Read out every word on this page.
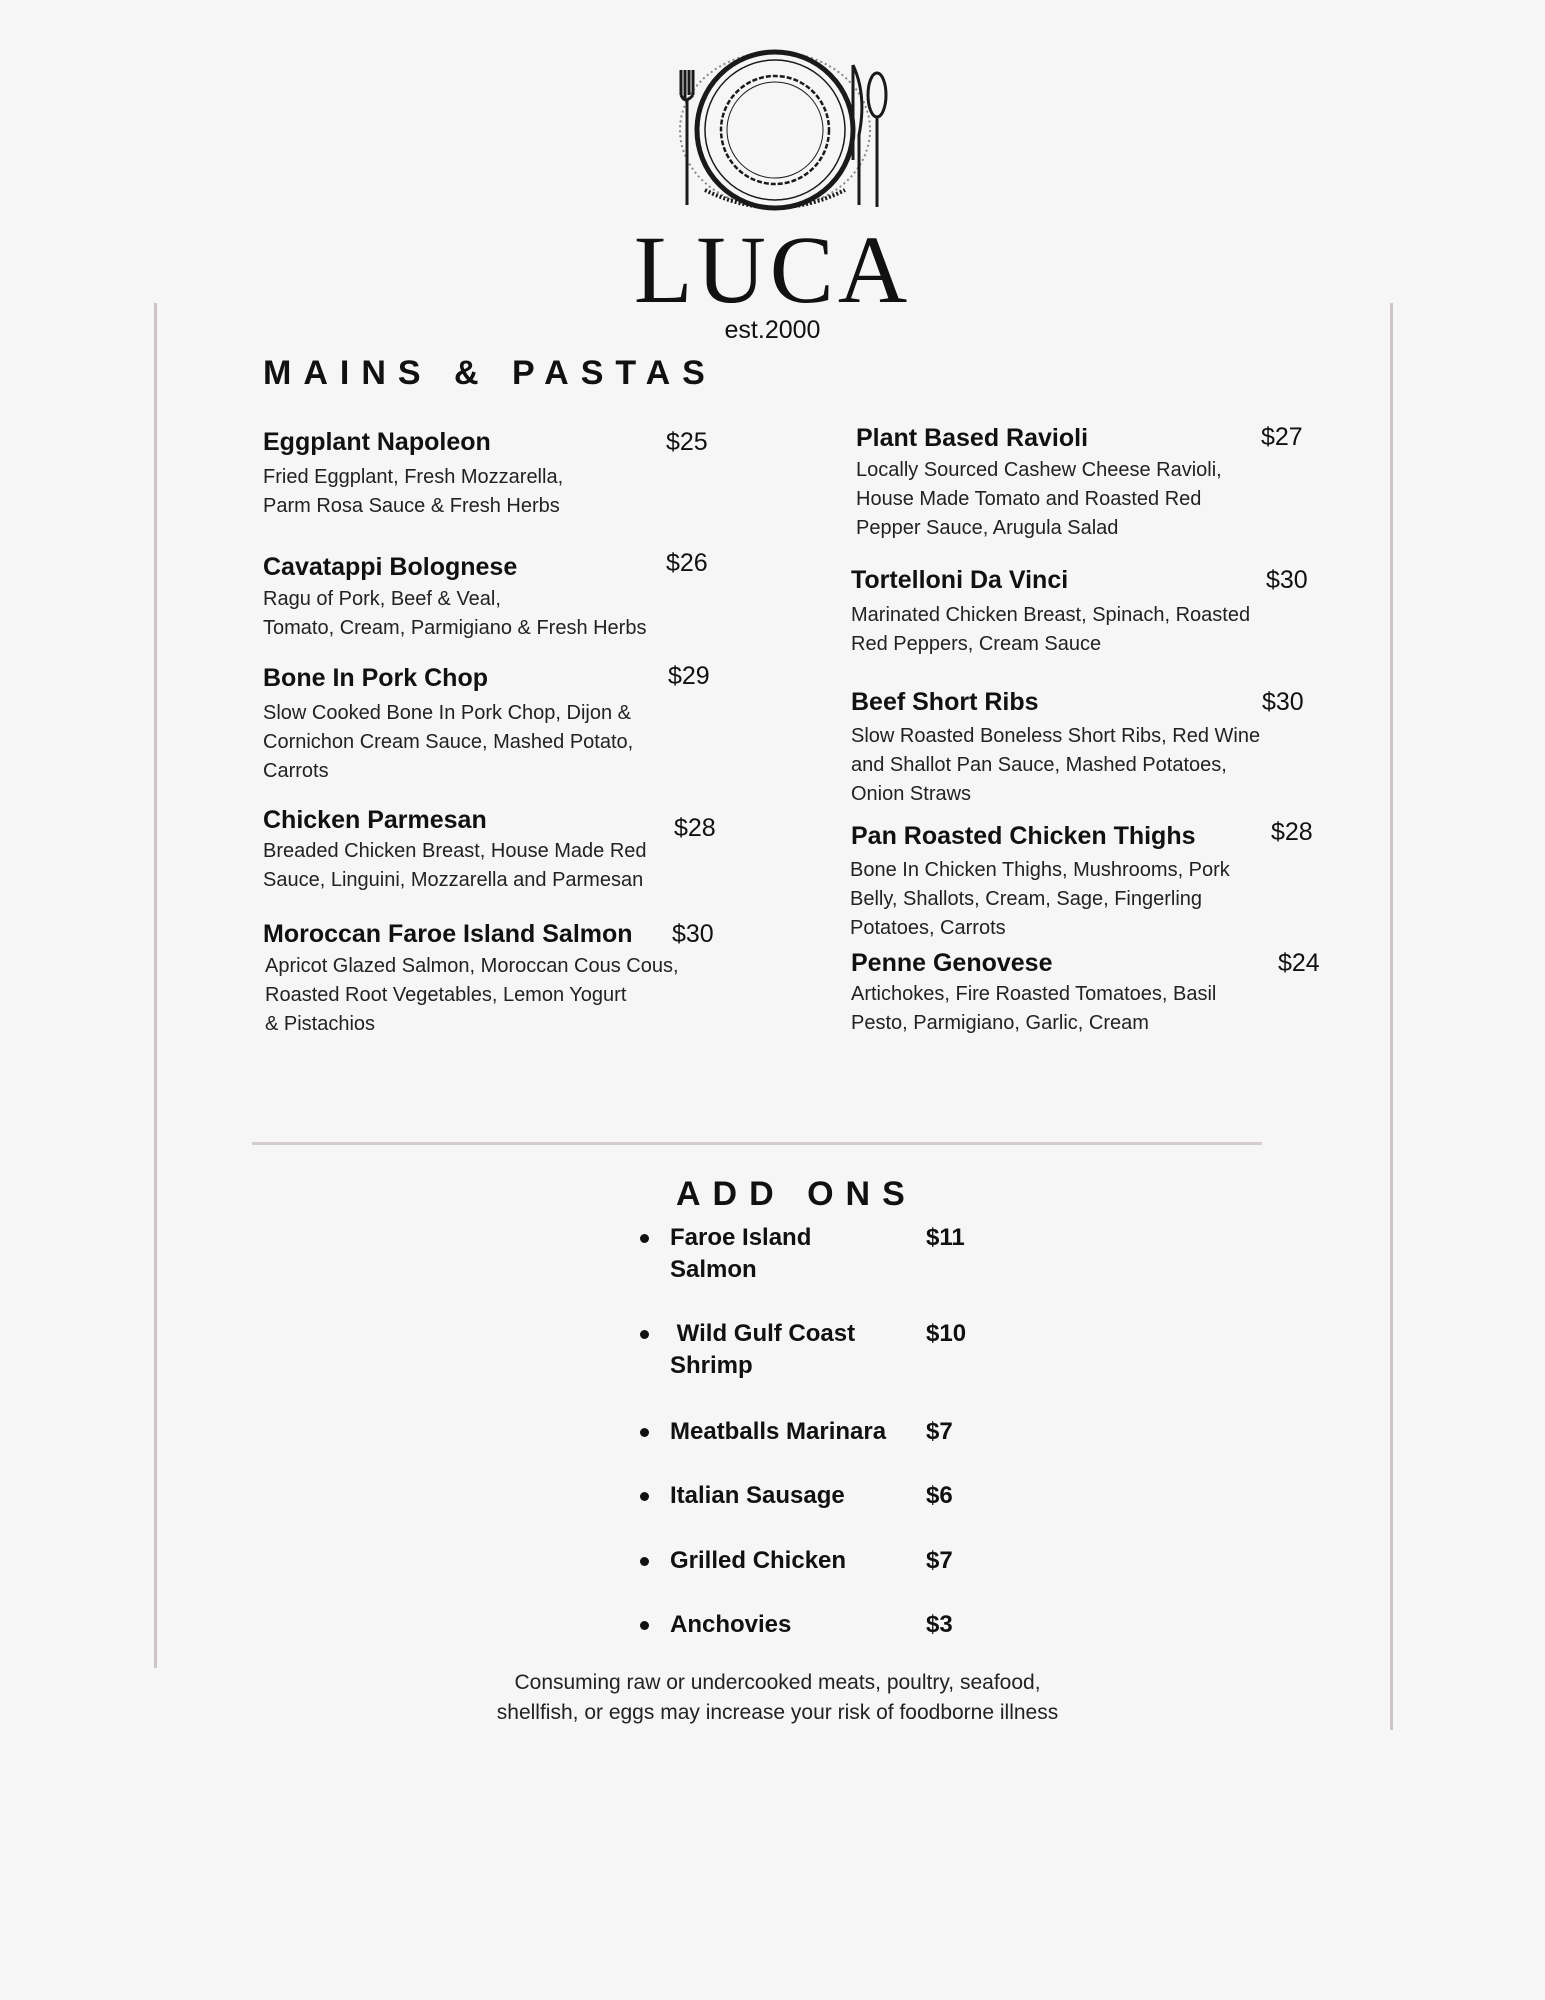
LUCA
est.2000
MAINS & PASTAS
Eggplant Napoleon	$25
Fried Eggplant, Fresh Mozzarella,
Parm Rosa Sauce & Fresh Herbs
Cavatappi Bolognese	$26
Ragu of Pork, Beef & Veal,
Tomato, Cream, Parmigiano & Fresh Herbs
Bone In Pork Chop	$29
Slow Cooked Bone In Pork Chop, Dijon &
Cornichon Cream Sauce, Mashed Potato,
Carrots
Chicken Parmesan	$28
Breaded Chicken Breast, House Made Red
Sauce, Linguini, Mozzarella and Parmesan
Moroccan Faroe Island Salmon $30
Apricot Glazed Salmon, Moroccan Cous Cous,
Roasted Root Vegetables, Lemon Yogurt
& Pistachios
Plant Based Ravioli	$27
Locally Sourced Cashew Cheese Ravioli,
House Made Tomato and Roasted Red
Pepper Sauce, Arugula Salad
Tortelloni Da Vinci	$30
Marinated Chicken Breast, Spinach, Roasted
Red Peppers, Cream Sauce
Beef Short Ribs	$30
Slow Roasted Boneless Short Ribs, Red Wine
and Shallot Pan Sauce, Mashed Potatoes,
Onion Straws
Pan Roasted Chicken Thighs	$28
Bone In Chicken Thighs, Mushrooms, Pork
Belly, Shallots, Cream, Sage, Fingerling
Potatoes, Carrots
Penne Genovese	$24
Artichokes, Fire Roasted Tomatoes, Basil
Pesto, Parmigiano, Garlic, Cream
ADD ONS
Faroe Island Salmon
$11
Wild Gulf Coast Shrimp
$10
Meatballs Marinara	$7
Italian Sausage	$6
Grilled Chicken	$7
Anchovies	$3
Consuming raw or undercooked meats, poultry, seafood, shellfish, or eggs may increase your risk of foodborne illness
